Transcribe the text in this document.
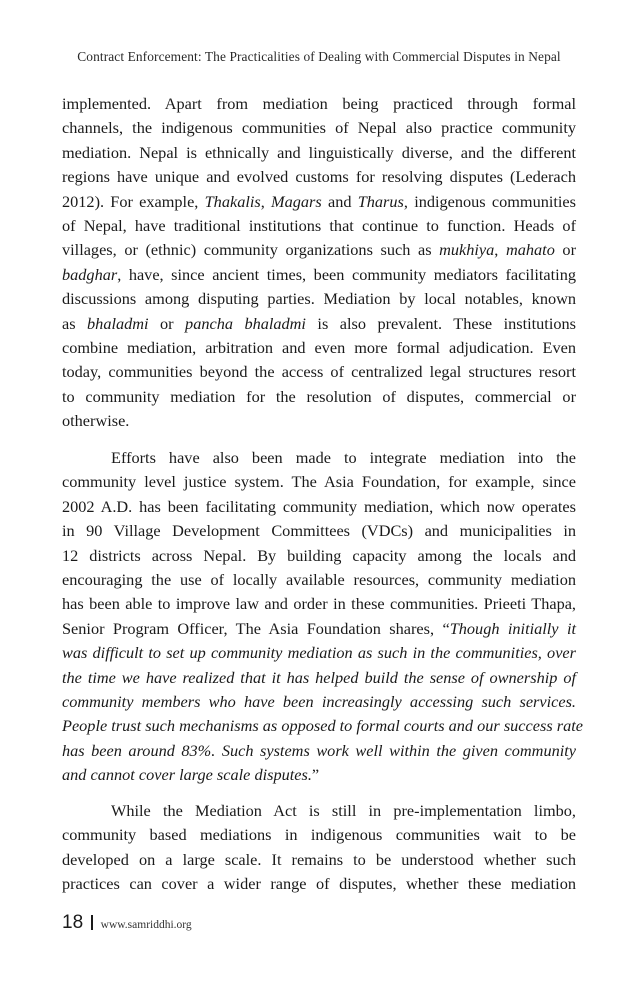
Contract Enforcement: The Practicalities of Dealing with Commercial Disputes in Nepal
implemented. Apart from mediation being practiced through formal
channels, the indigenous communities of Nepal also practice community
mediation. Nepal is ethnically and linguistically diverse, and the different
regions have unique and evolved customs for resolving disputes (Lederach
2012). For example, Thakalis, Magars and Tharus, indigenous communities
of Nepal, have traditional institutions that continue to function. Heads of
villages, or (ethnic) community organizations such as mukhiya, mahato or
badghar, have, since ancient times, been community mediators facilitating
discussions among disputing parties. Mediation by local notables, known
as bhaladmi or pancha bhaladmi is also prevalent. These institutions
combine mediation, arbitration and even more formal adjudication. Even
today, communities beyond the access of centralized legal structures resort
to community mediation for the resolution of disputes, commercial or
otherwise.
Efforts have also been made to integrate mediation into the
community level justice system. The Asia Foundation, for example, since
2002 A.D. has been facilitating community mediation, which now operates
in 90 Village Development Committees (VDCs) and municipalities in
12 districts across Nepal. By building capacity among the locals and
encouraging the use of locally available resources, community mediation
has been able to improve law and order in these communities. Prieeti Thapa,
Senior Program Officer, The Asia Foundation shares, “Though initially it
was difficult to set up community mediation as such in the communities, over
the time we have realized that it has helped build the sense of ownership of
community members who have been increasingly accessing such services.
People trust such mechanisms as opposed to formal courts and our success rate
has been around 83%. Such systems work well within the given community
and cannot cover large scale disputes.”
While the Mediation Act is still in pre-implementation limbo,
community based mediations in indigenous communities wait to be
developed on a large scale. It remains to be understood whether such
practices can cover a wider range of disputes, whether these mediation
18 www.samriddhi.org
